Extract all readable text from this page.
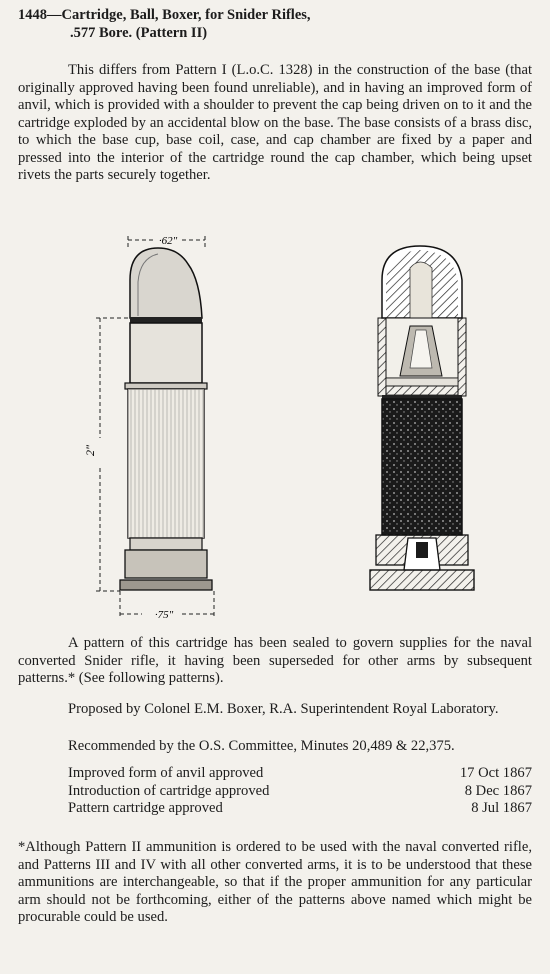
1448—Cartridge, Ball, Boxer, for Snider Rifles,
.577 Bore. (Pattern II)

This differs from Pattern I (L.o.C. 1328) in the construction of the base (that originally approved having been found unreliable), and in having an improved form of anvil, which is provided with a shoulder to prevent the cap being driven on to it and the cartridge exploded by an accidental blow on the base. The base consists of a brass disc, to which the base cup, base coil, case, and cap chamber are fixed by a paper and pressed into the interior of the cartridge round the cap chamber, which being upset rivets the parts securely together.

·62"
2"
·75"

A pattern of this cartridge has been sealed to govern supplies for the naval converted Snider rifle, it having been superseded for other arms by subsequent patterns.* (See following patterns).

Proposed by Colonel E.M. Boxer, R.A. Superintendent Royal Laboratory.

Recommended by the O.S. Committee, Minutes 20,489 & 22,375.

Improved form of anvil approved	17 Oct 1867
Introduction of cartridge approved	8 Dec 1867
Pattern cartridge approved	8 Jul 1867

*Although Pattern II ammunition is ordered to be used with the naval converted rifle, and Patterns III and IV with all other converted arms, it is to be understood that these ammunitions are interchangeable, so that if the proper ammunition for any particular arm should not be forthcoming, either of the patterns above named which might be procurable could be used.
